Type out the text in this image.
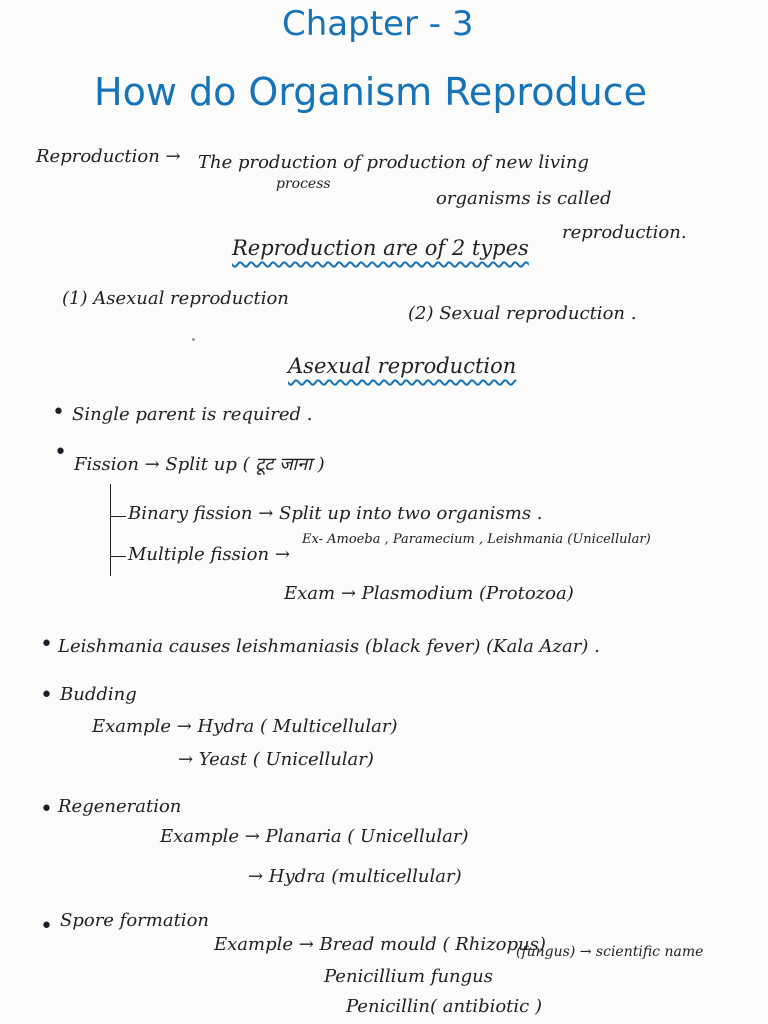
Chapter - 3
How do Organism Reproduce
Reproduction → The production of production of new living
process
organisms is called
reproduction.
Reproduction are of 2 types
(1) Asexual reproduction
(2) Sexual reproduction .
Asexual reproduction
• Single parent is required .
• Fission → Split up ( टूट जाना )
Binary fission → Split up into two organisms .
Ex- Amoeba , Paramecium , Leishmania (Unicellular)
Multiple fission →
Exam → Plasmodium (Protozoa)
• Leishmania causes leishmaniasis (black fever) (Kala Azar) .
• Budding
Example → Hydra ( Multicellular)
→ Yeast ( Unicellular)
• Regeneration
Example → Planaria ( Unicellular)
→ Hydra (multicellular)
• Spore formation
Example → Bread mould ( Rhizopus)
(fungus) → scientific name
Penicillium fungus
Penicillin( antibiotic )
